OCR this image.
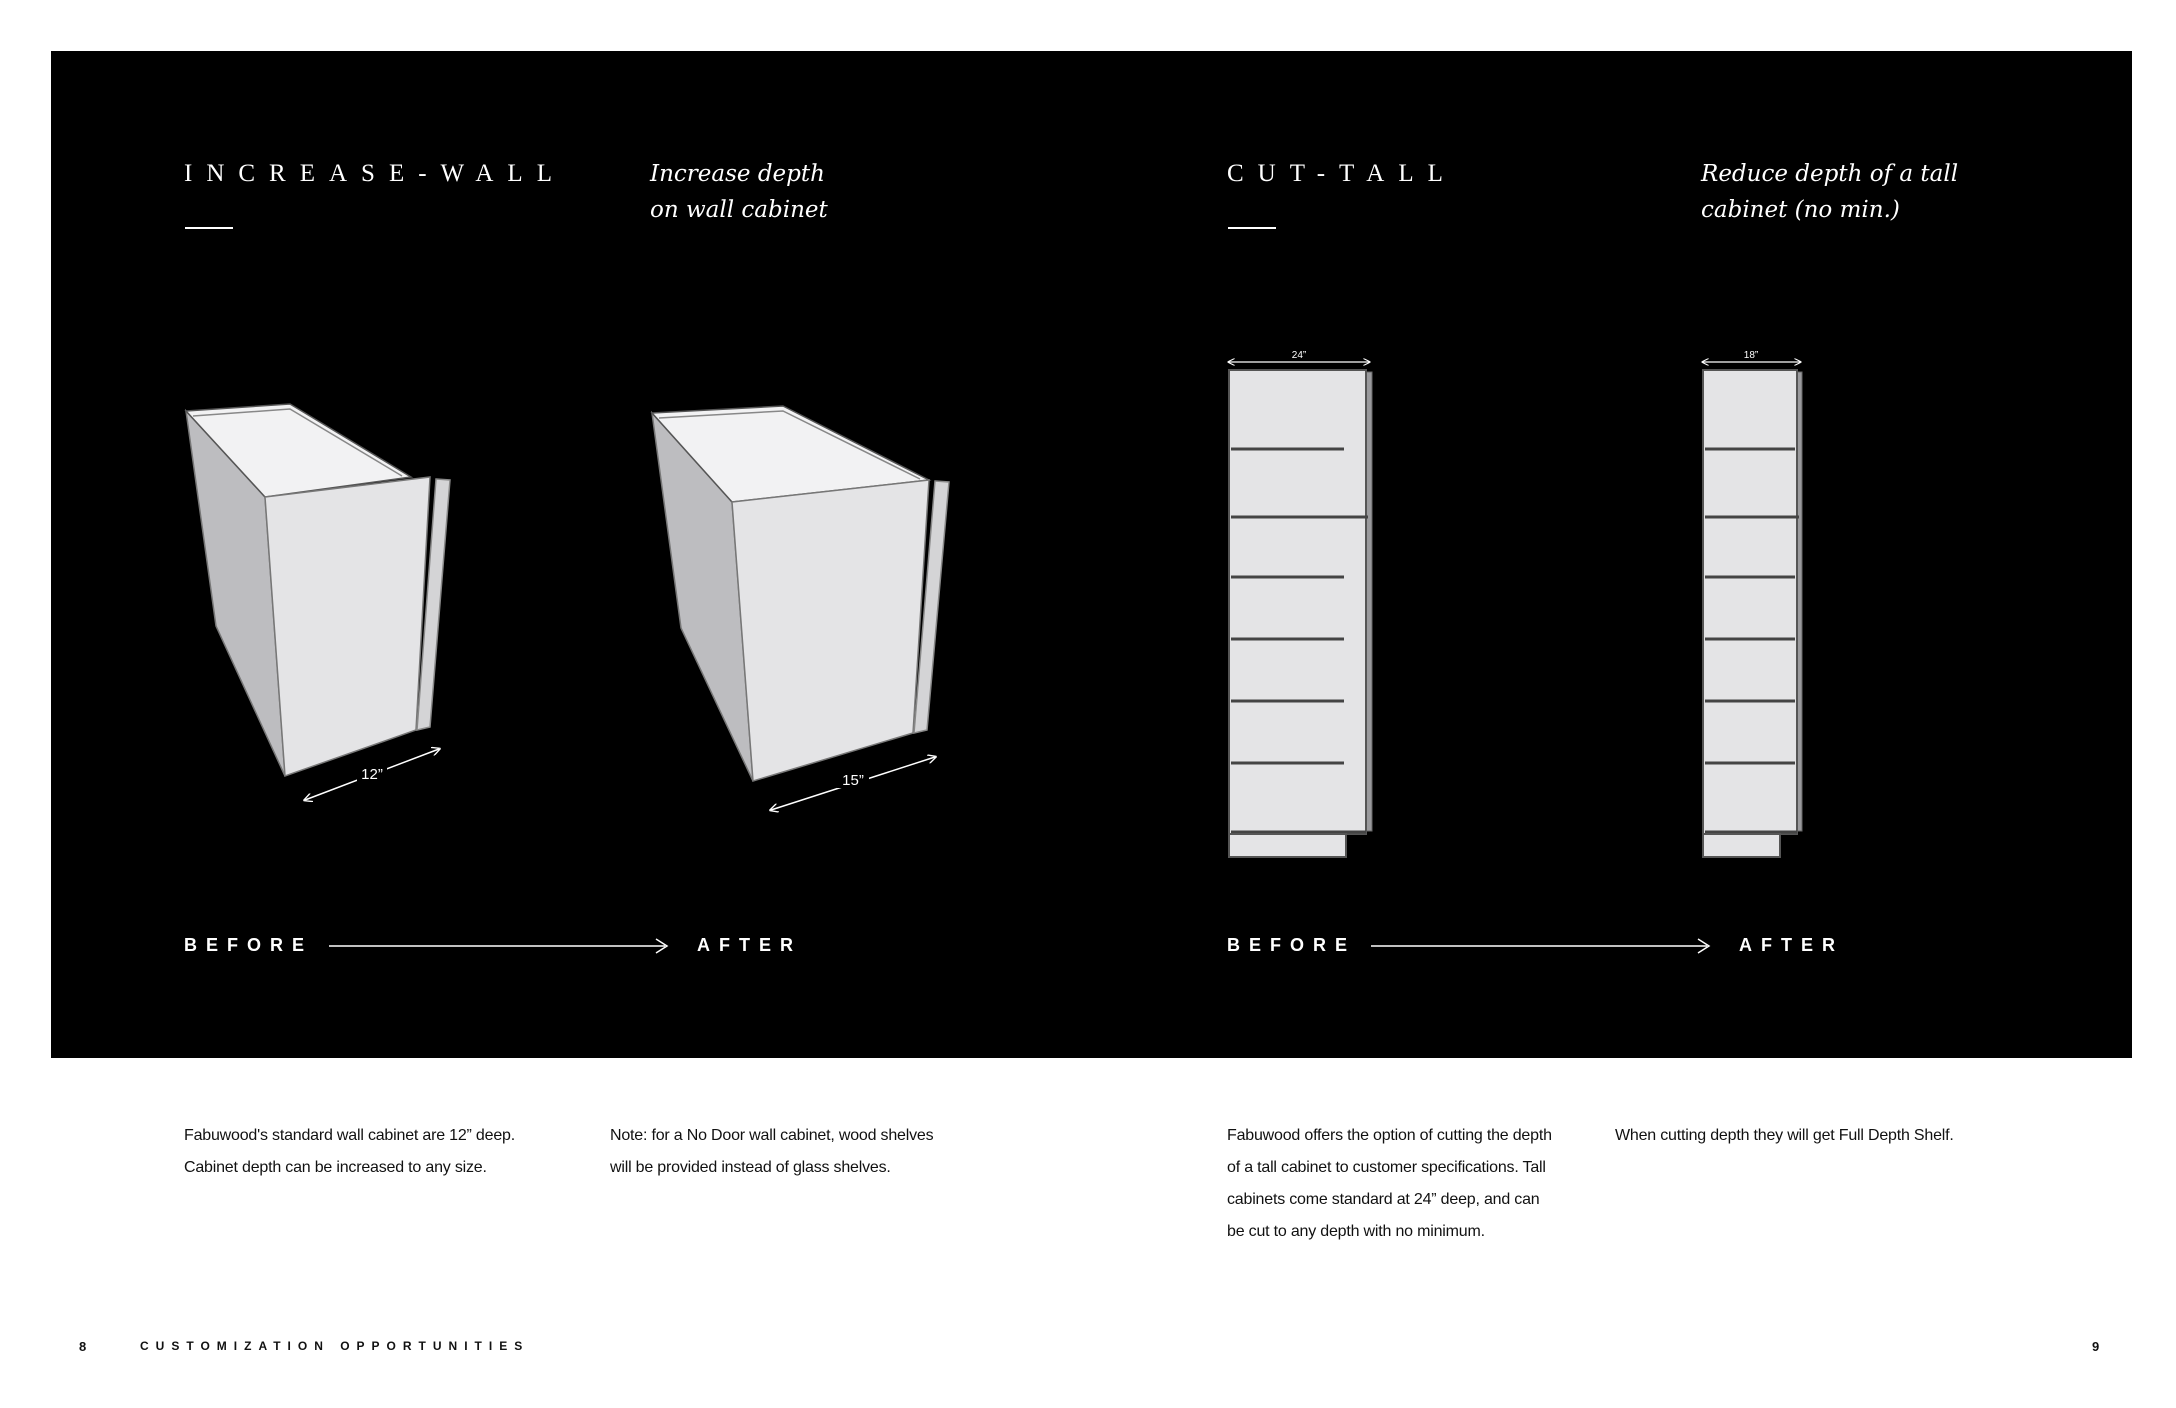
INCREASE-WALL	Increase depth
on wall cabinet
CUT-TALL	Reduce depth of a tall
cabinet (no min.)
12”	15”
24”	18”
BEFORE	AFTER	BEFORE	AFTER
Fabuwood's standard wall cabinet are 12” deep.
Cabinet depth can be increased to any size.
Note: for a No Door wall cabinet, wood shelves
will be provided instead of glass shelves.
Fabuwood offers the option of cutting the depth
of a tall cabinet to customer specifications. Tall
cabinets come standard at 24” deep, and can
be cut to any depth with no minimum.
When cutting depth they will get Full Depth Shelf.
8	CUSTOMIZATION OPPORTUNITIES	9
